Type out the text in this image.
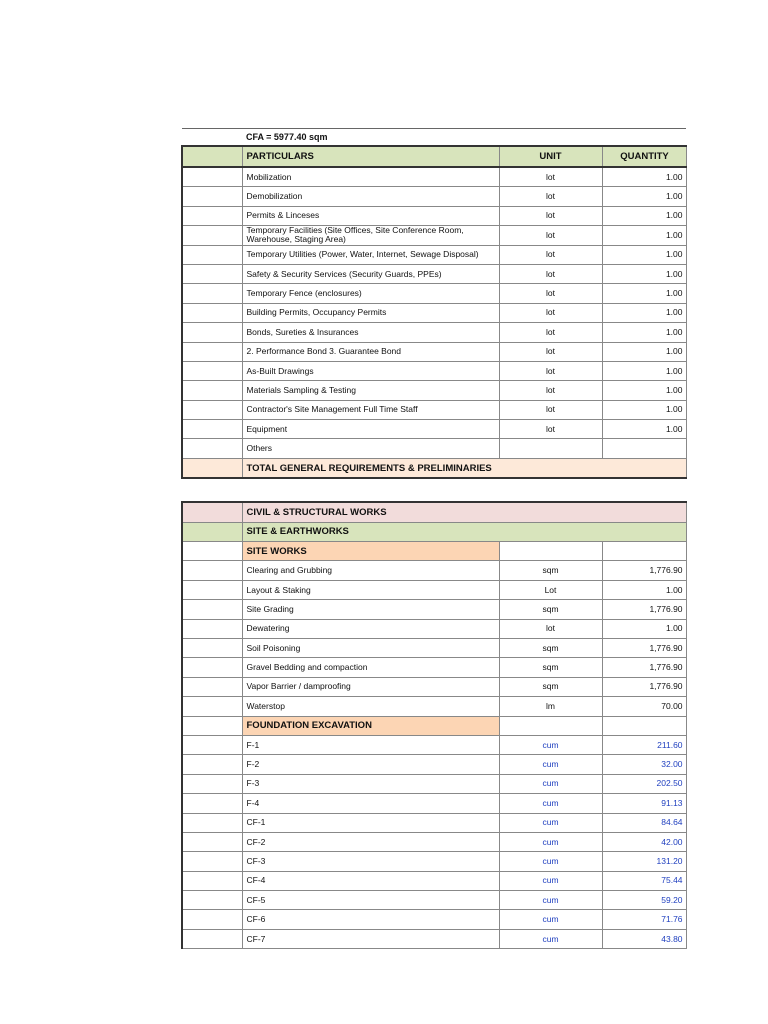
	CFA = 5977.40 sqm		
	PARTICULARS	UNIT	QUANTITY
	Mobilization	lot	1.00
	Demobilization	lot	1.00
	Permits & Linceses	lot	1.00
	Temporary Facilities (Site Offices, Site Conference Room, Warehouse, Staging Area)	lot	1.00
	Temporary Utilities (Power, Water, Internet, Sewage Disposal)	lot	1.00
	Safety & Security Services (Security Guards, PPEs)	lot	1.00
	Temporary Fence (enclosures)	lot	1.00
	Building Permits, Occupancy Permits	lot	1.00
	Bonds, Sureties & Insurances	lot	1.00
	2. Performance Bond 3. Guarantee Bond	lot	1.00
	As-Built Drawings	lot	1.00
	Materials Sampling & Testing	lot	1.00
	Contractor's Site Management Full Time Staff	lot	1.00
	Equipment	lot	1.00
	Others		
	TOTAL GENERAL REQUIREMENTS & PRELIMINARIES		
	CIVIL & STRUCTURAL WORKS		
	SITE & EARTHWORKS		
	SITE WORKS		
	Clearing and Grubbing	sqm	1,776.90
	Layout & Staking	Lot	1.00
	Site Grading	sqm	1,776.90
	Dewatering	lot	1.00
	Soil Poisoning	sqm	1,776.90
	Gravel Bedding and compaction	sqm	1,776.90
	Vapor Barrier / damproofing	sqm	1,776.90
	Waterstop	lm	70.00
	FOUNDATION EXCAVATION		
	F-1	cum	211.60
	F-2	cum	32.00
	F-3	cum	202.50
	F-4	cum	91.13
	CF-1	cum	84.64
	CF-2	cum	42.00
	CF-3	cum	131.20
	CF-4	cum	75.44
	CF-5	cum	59.20
	CF-6	cum	71.76
	CF-7	cum	43.80
